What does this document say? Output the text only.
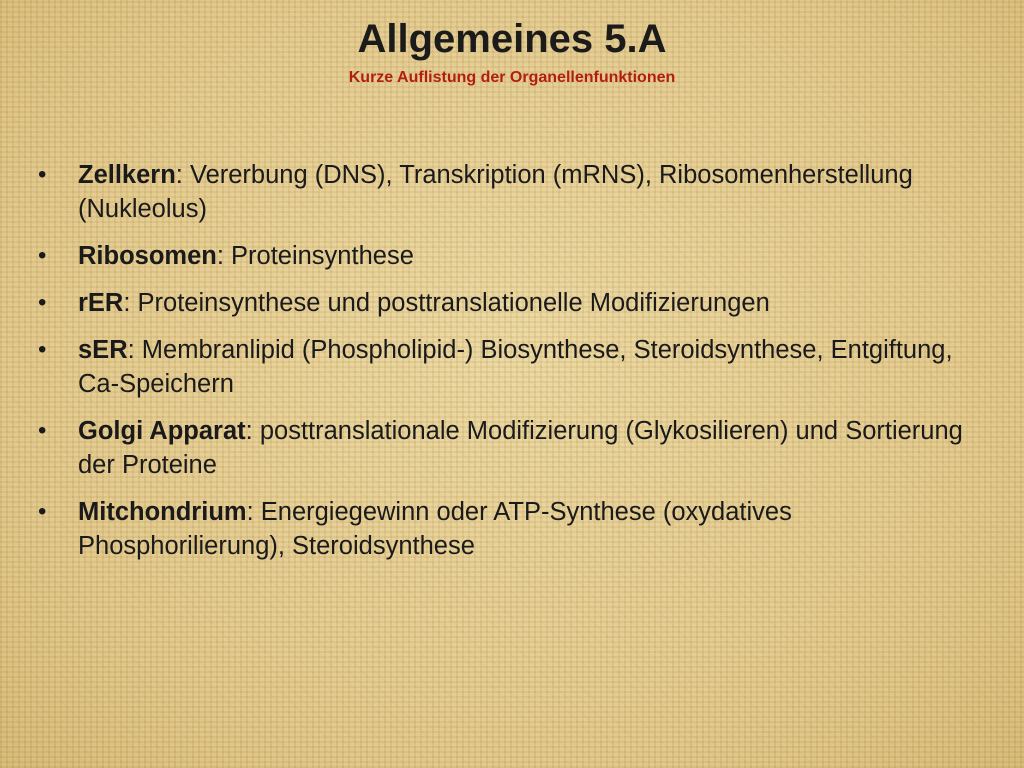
Allgemeines 5.A
Kurze Auflistung der Organellenfunktionen
•	Zellkern: Vererbung (DNS), Transkription (mRNS), Ribosomenherstellung (Nukleolus)
•	Ribosomen: Proteinsynthese
•	rER: Proteinsynthese und posttranslationelle Modifizierungen
•	sER: Membranlipid (Phospholipid-) Biosynthese, Steroidsynthese, Entgiftung, Ca-Speichern
•	Golgi Apparat: posttranslationale Modifizierung (Glykosilieren) und Sortierung der Proteine
•	Mitchondrium: Energiegewinn oder ATP-Synthese (oxydatives Phosphorilierung), Steroidsynthese
